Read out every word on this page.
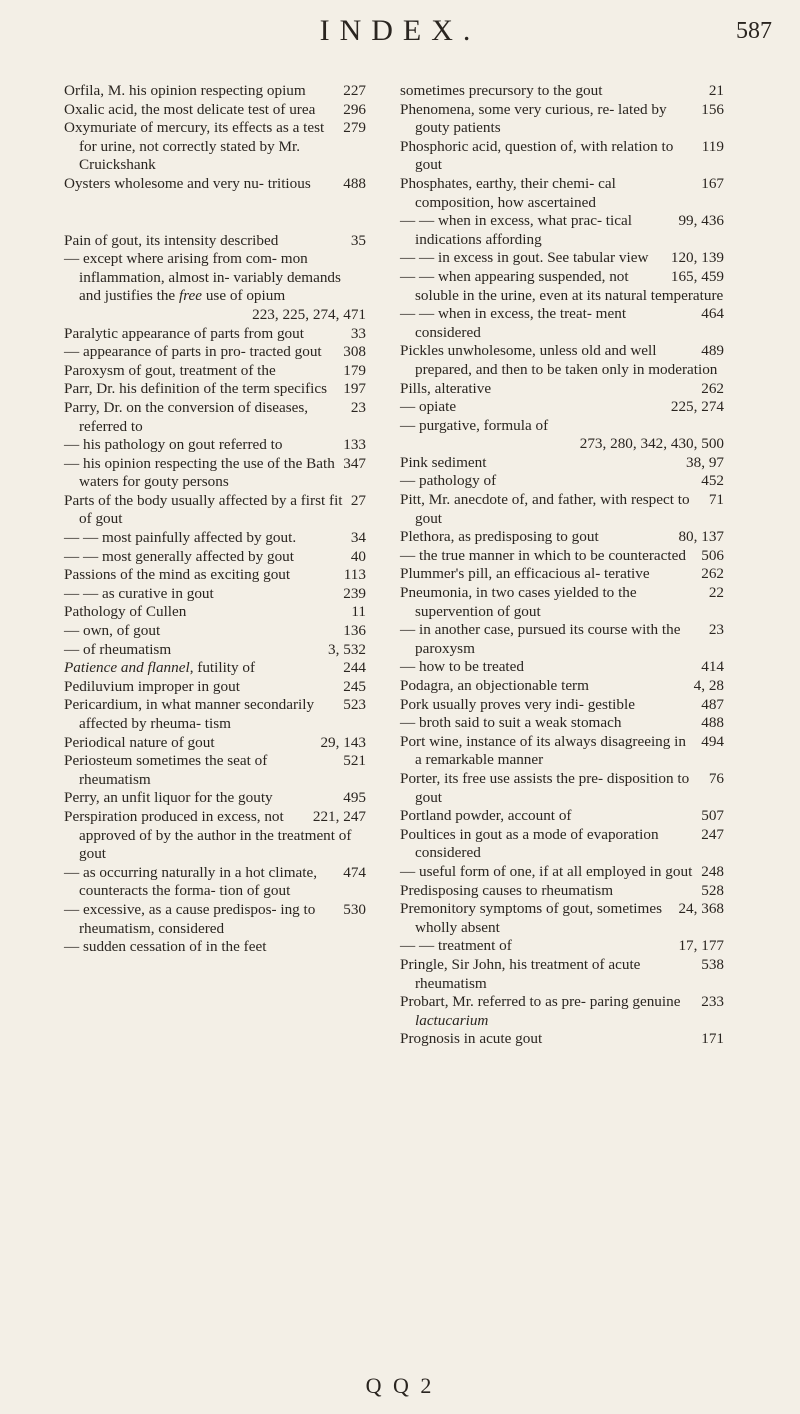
INDEX.	587
227
Orfila, M. his opinion respecting opium
296
Oxalic acid, the most delicate test of urea
279
Oxymuriate of mercury, its effects as a test for urine, not correctly stated by Mr. Cruickshank
488
Oysters wholesome and very nu- tritious
35
Pain of gout, its intensity described
— except where arising from com- mon inflammation, almost in- variably demands and justifies the free use of opium
223, 225, 274, 471
33
Paralytic appearance of parts from gout
308
— appearance of parts in pro- tracted gout
179
Paroxysm of gout, treatment of the
197
Parr, Dr. his definition of the term specifics
23
Parry, Dr. on the conversion of diseases, referred to
133
— his pathology on gout referred to
347
— his opinion respecting the use of the Bath waters for gouty persons
27
Parts of the body usually affected by a first fit of gout
34
— — most painfully affected by gout.
40
— — most generally affected by gout
113
Passions of the mind as exciting gout
239
— — as curative in gout
11
Pathology of Cullen
136
— own, of gout
3, 532
— of rheumatism
244
Patience and flannel, futility of
245
Pediluvium improper in gout
523
Pericardium, in what manner secondarily affected by rheuma- tism
29, 143
Periodical nature of gout
521
Periosteum sometimes the seat of rheumatism
495
Perry, an unfit liquor for the gouty
221, 247
Perspiration produced in excess, not approved of by the author in the treatment of gout
474
— as occurring naturally in a hot climate, counteracts the forma- tion of gout
530
— excessive, as a cause predispos- ing to rheumatism, considered
— sudden cessation of in the feet
21
sometimes precursory to the gout
156
Phenomena, some very curious, re- lated by gouty patients
119
Phosphoric acid, question of, with relation to gout
167
Phosphates, earthy, their chemi- cal composition, how ascertained
99, 436
— — when in excess, what prac- tical indications affording
120, 139
— — in excess in gout. See tabular view
165, 459
— — when appearing suspended, not soluble in the urine, even at its natural temperature
464
— — when in excess, the treat- ment considered
489
Pickles unwholesome, unless old and well prepared, and then to be taken only in moderation
262
Pills, alterative
225, 274
— opiate
— purgative, formula of
273, 280, 342, 430, 500
38, 97
Pink sediment
452
— pathology of
71
Pitt, Mr. anecdote of, and father, with respect to gout
80, 137
Plethora, as predisposing to gout
506
— the true manner in which to be counteracted
262
Plummer's pill, an efficacious al- terative
22
Pneumonia, in two cases yielded to the supervention of gout
23
— in another case, pursued its course with the paroxysm
414
— how to be treated
4, 28
Podagra, an objectionable term
487
Pork usually proves very indi- gestible
488
— broth said to suit a weak stomach
494
Port wine, instance of its always disagreeing in a remarkable manner
76
Porter, its free use assists the pre- disposition to gout
507
Portland powder, account of
247
Poultices in gout as a mode of evaporation considered
248
— useful form of one, if at all employed in gout
528
Predisposing causes to rheumatism
24, 368
Premonitory symptoms of gout, sometimes wholly absent
17, 177
— — treatment of
538
Pringle, Sir John, his treatment of acute rheumatism
233
Probart, Mr. referred to as pre- paring genuine lactucarium
171
Prognosis in acute gout
Q Q 2
